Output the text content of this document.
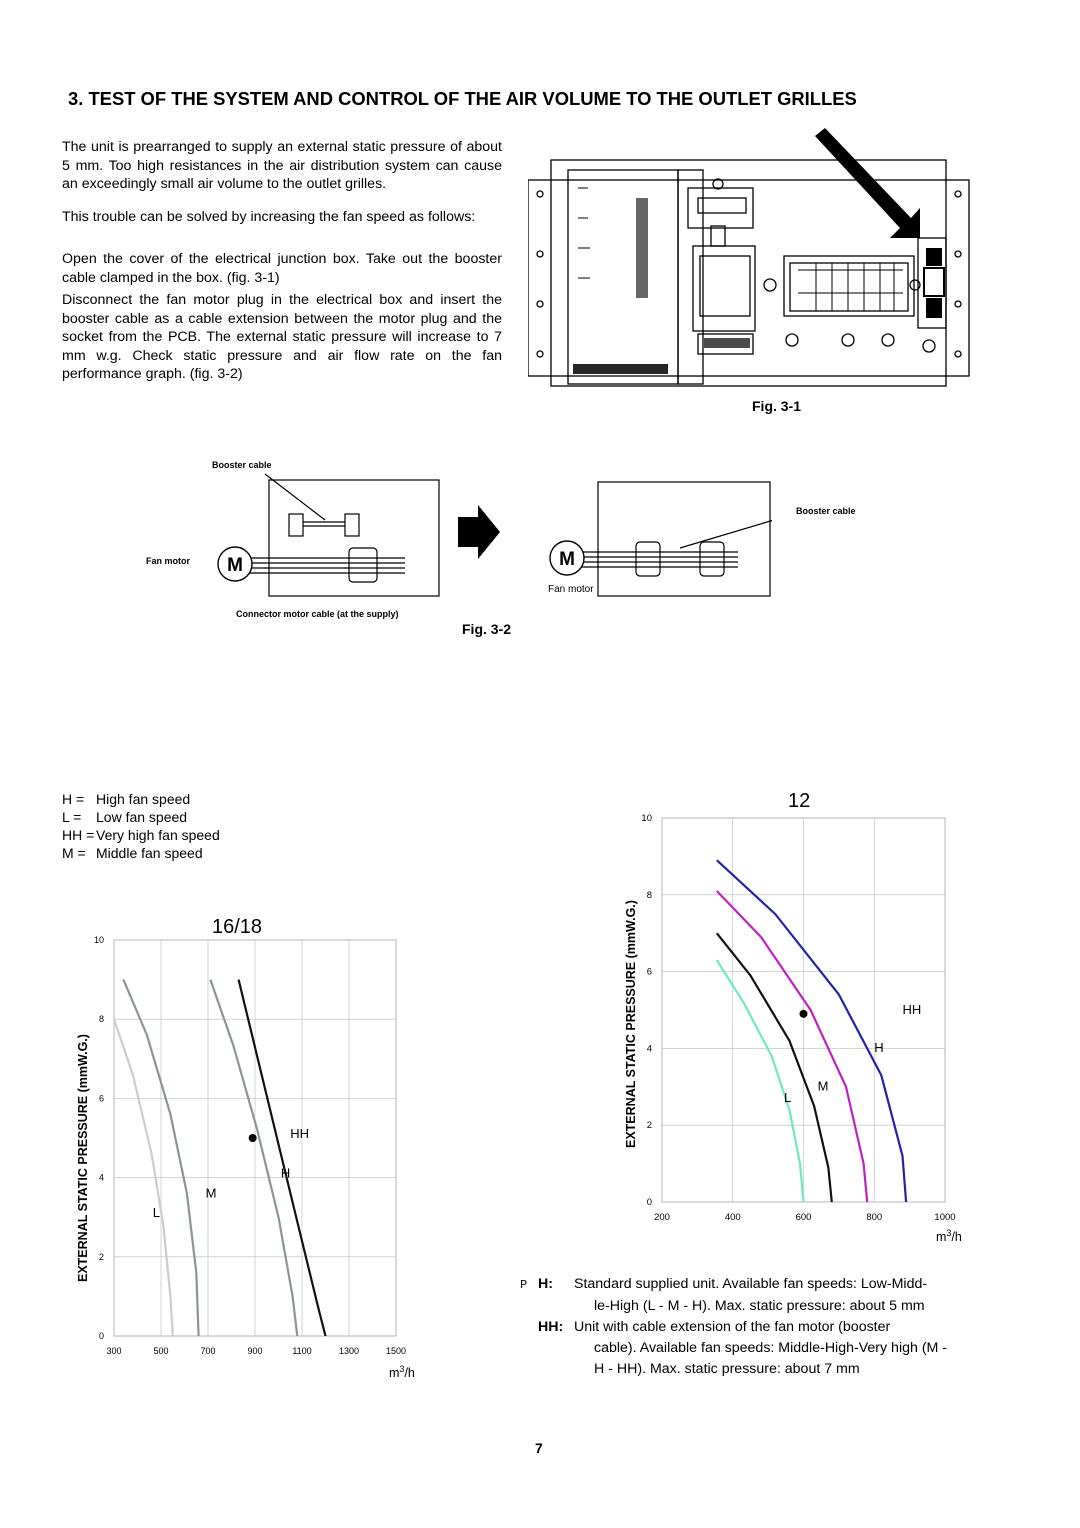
3. TEST OF THE SYSTEM AND CONTROL OF THE AIR VOLUME TO THE OUTLET GRILLES
The unit is prearranged to supply an external static pressure of about 5 mm. Too high resistances in the air distribution system can cause an exceedingly small air volume to the outlet grilles.
This trouble can be solved by increasing the fan speed as follows:
Open the cover of the electrical junction box. Take out the booster cable clamped in the box. (fig. 3-1)
Disconnect the fan motor plug in the electrical box and insert the booster cable as a cable extension between the motor plug and the socket from the PCB. The external static pressure will increase to 7 mm w.g. Check static pressure and air flow rate on the fan performance graph. (fig. 3-2)
Fig. 3-1
Booster cable
Fan motor
Connector motor cable (at the supply)
M
Booster cable
M
Fan motor
Fig. 3-2
H = High fan speed
L = Low fan speed
HH = Very high fan speed
M = Middle fan speed
16/18
EXTERNAL STATIC PRESSURE (mmW.G.)
300	500	700	900	1100	1300	1500
0
2
4
6
8
10
HH
H
M
L
$m^3/h$
12
EXTERNAL STATIC PRESSURE (mmW.G.)
200	400	600	800	1000
0
2
4
6
8
10
HH
H
M
L
$m^3/h$
P H: Standard supplied unit. Available fan speeds: Low-Midd-
le-High (L - M - H). Max. static pressure: about 5 mm
HH: Unit with cable extension of the fan motor (booster
cable). Available fan speeds: Middle-High-Very high (M -
H - HH). Max. static pressure: about 7 mm
7
